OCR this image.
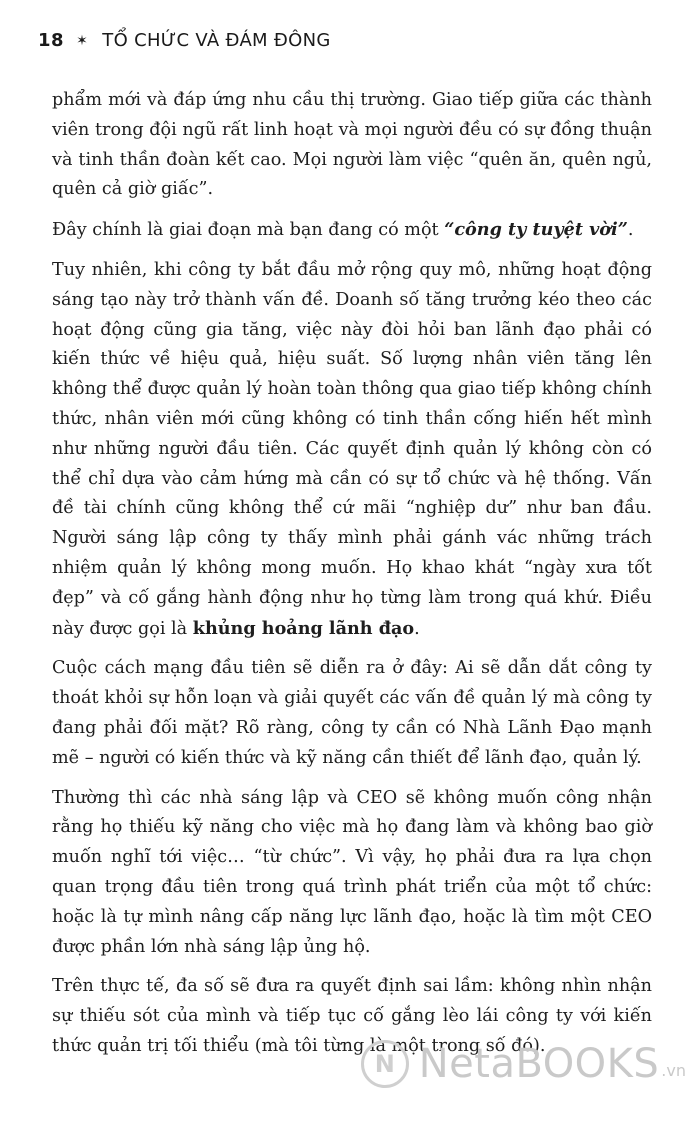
18 ✶ TỔ CHỨC VÀ ĐÁM ĐÔNG

phẩm mới và đáp ứng nhu cầu thị trường. Giao tiếp giữa các thành viên trong đội ngũ rất linh hoạt và mọi người đều có sự đồng thuận và tinh thần đoàn kết cao. Mọi người làm việc “quên ăn, quên ngủ, quên cả giờ giấc”.

Đây chính là giai đoạn mà bạn đang có một “công ty tuyệt vời”.

Tuy nhiên, khi công ty bắt đầu mở rộng quy mô, những hoạt động sáng tạo này trở thành vấn đề. Doanh số tăng trưởng kéo theo các hoạt động cũng gia tăng, việc này đòi hỏi ban lãnh đạo phải có kiến thức về hiệu quả, hiệu suất. Số lượng nhân viên tăng lên không thể được quản lý hoàn toàn thông qua giao tiếp không chính thức, nhân viên mới cũng không có tinh thần cống hiến hết mình như những người đầu tiên. Các quyết định quản lý không còn có thể chỉ dựa vào cảm hứng mà cần có sự tổ chức và hệ thống. Vấn đề tài chính cũng không thể cứ mãi “nghiệp dư” như ban đầu. Người sáng lập công ty thấy mình phải gánh vác những trách nhiệm quản lý không mong muốn. Họ khao khát “ngày xưa tốt đẹp” và cố gắng hành động như họ từng làm trong quá khứ. Điều này được gọi là khủng hoảng lãnh đạo.

Cuộc cách mạng đầu tiên sẽ diễn ra ở đây: Ai sẽ dẫn dắt công ty thoát khỏi sự hỗn loạn và giải quyết các vấn đề quản lý mà công ty đang phải đối mặt? Rõ ràng, công ty cần có Nhà Lãnh Đạo mạnh mẽ – người có kiến thức và kỹ năng cần thiết để lãnh đạo, quản lý.

Thường thì các nhà sáng lập và CEO sẽ không muốn công nhận rằng họ thiếu kỹ năng cho việc mà họ đang làm và không bao giờ muốn nghĩ tới việc… “từ chức”. Vì vậy, họ phải đưa ra lựa chọn quan trọng đầu tiên trong quá trình phát triển của một tổ chức: hoặc là tự mình nâng cấp năng lực lãnh đạo, hoặc là tìm một CEO được phần lớn nhà sáng lập ủng hộ.

Trên thực tế, đa số sẽ đưa ra quyết định sai lầm: không nhìn nhận sự thiếu sót của mình và tiếp tục cố gắng lèo lái công ty với kiến thức quản trị tối thiểu (mà tôi từng là một trong số đó).

N NetaBOOKS .vn
